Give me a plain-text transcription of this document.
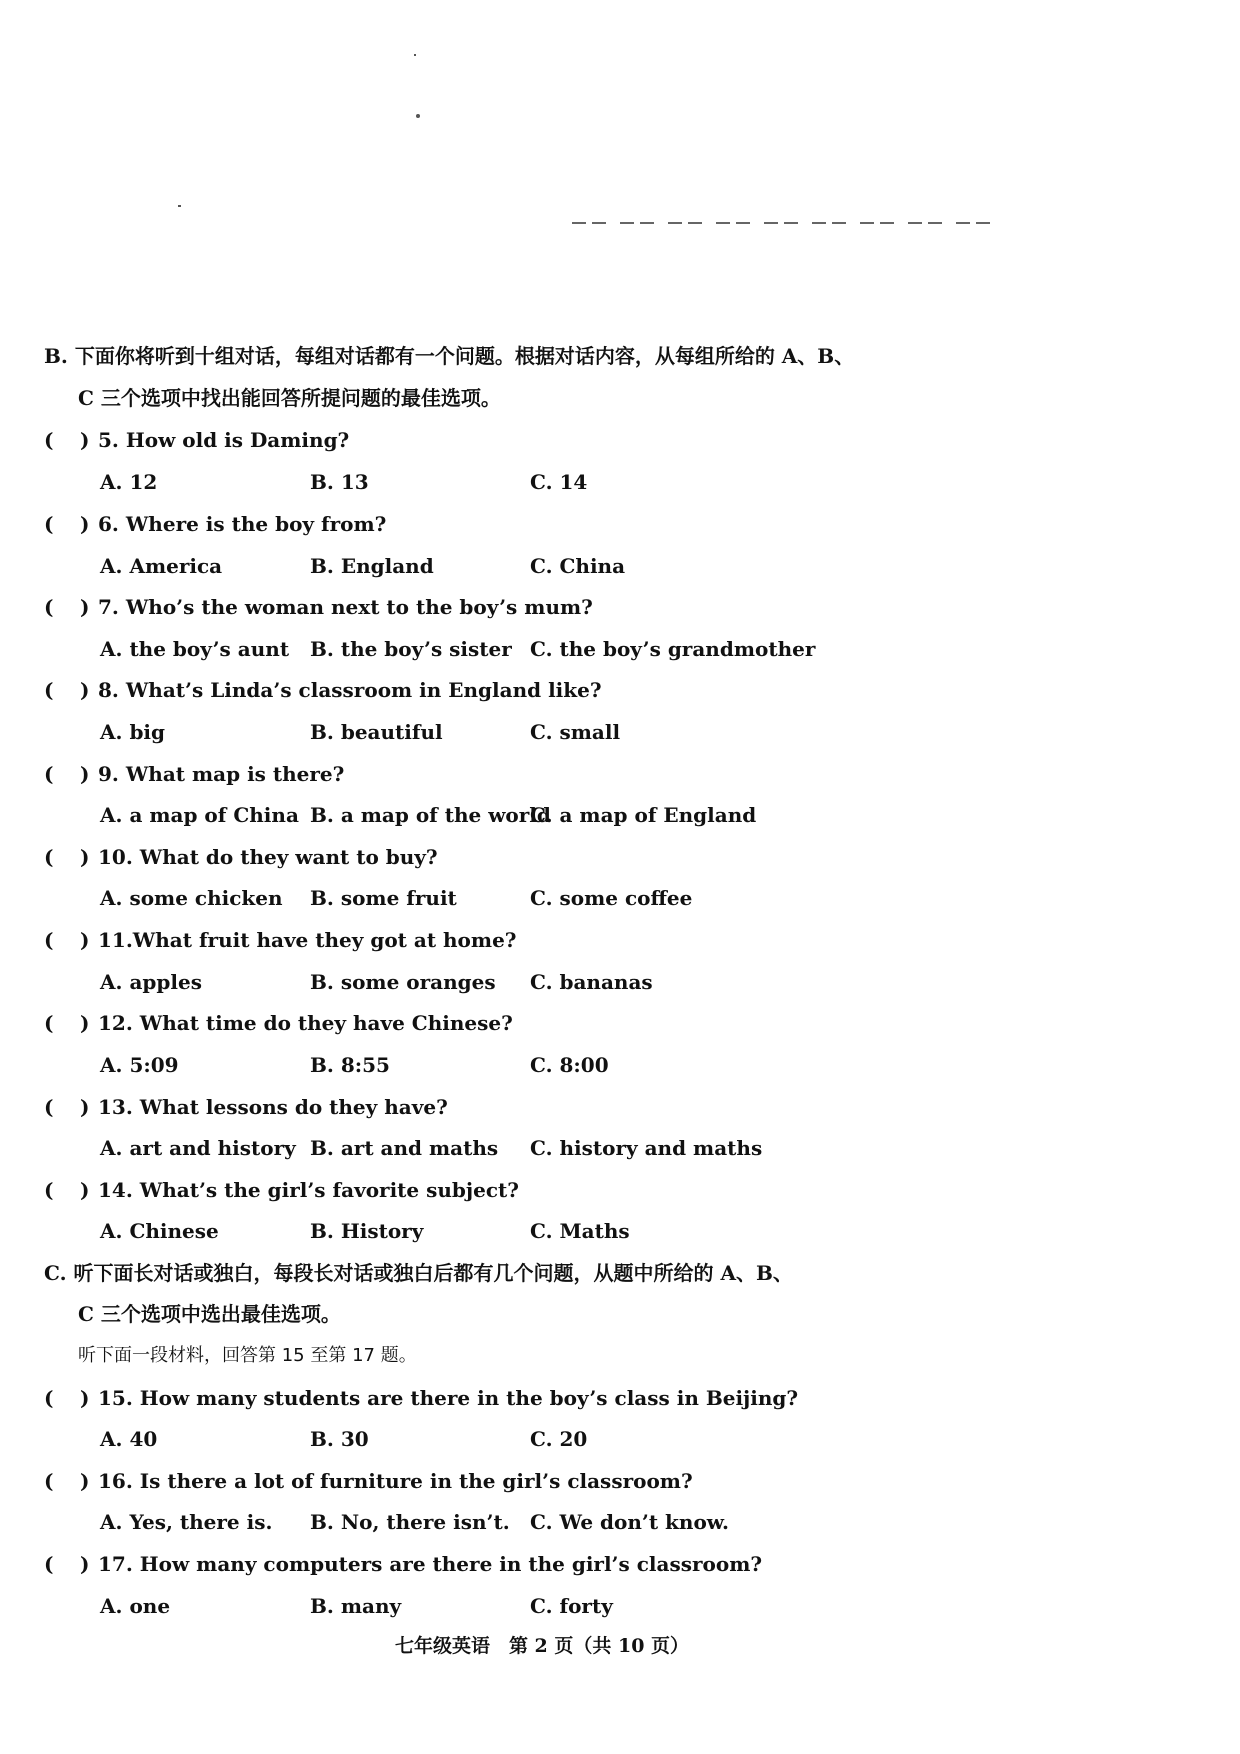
B. 下面你将听到十组对话，每组对话都有一个问题。根据对话内容，从每组所给的 A、B、
C 三个选项中找出能回答所提问题的最佳选项。
( ) 5. How old is Daming?
A. 12	B. 13	C. 14
( ) 6. Where is the boy from?
A. America	B. England	C. China
( ) 7. Who’s the woman next to the boy’s mum?
A. the boy’s aunt B. the boy’s sister C. the boy’s grandmother
( ) 8. What’s Linda’s classroom in England like?
A. big	B. beautiful	C. small
( ) 9. What map is there?
A. a map of China B. a map of the world
C. a map of England
( ) 10. What do they want to buy?
A. some chicken B. some fruit	C. some coffee
( ) 11.What fruit have they got at home?
A. apples	B. some oranges C. bananas
( ) 12. What time do they have Chinese?
A. 5:09	B. 8:55	C. 8:00
( ) 13. What lessons do they have?
A. art and history B. art and maths C. history and maths
( ) 14. What’s the girl’s favorite subject?
A. Chinese	B. History	C. Maths
C. 听下面长对话或独白，每段长对话或独白后都有几个问题，从题中所给的 A、B、
C 三个选项中选出最佳选项。
听下面一段材料，回答第 15 至第 17 题。
( ) 15. How many students are there in the boy’s class in Beijing?
A. 40	B. 30	C. 20
( ) 16. Is there a lot of furniture in the girl’s classroom?
A. Yes, there is. B. No, there isn’t. C. We don’t know.
( ) 17. How many computers are there in the girl’s classroom?
A. one	B. many	C. forty
七年级英语　第 2 页（共 10 页）
